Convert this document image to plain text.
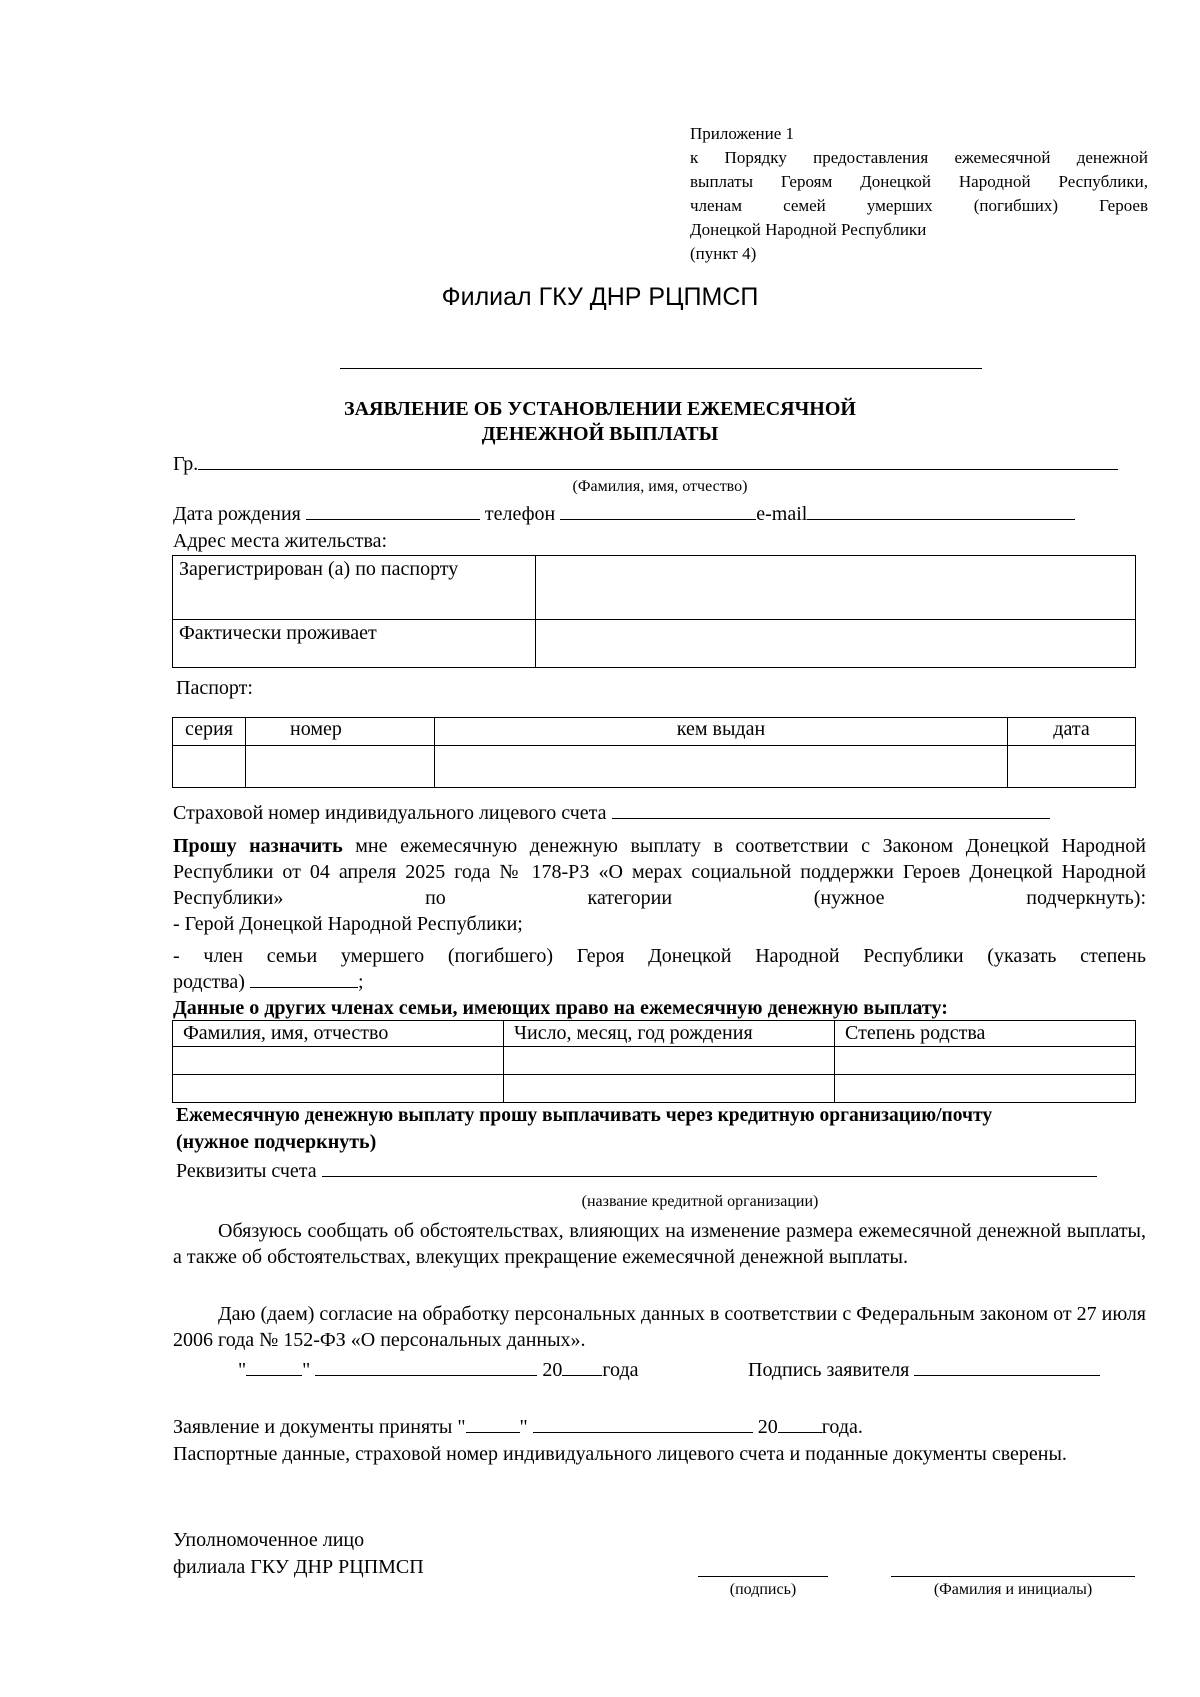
Приложение 1
к Порядку предоставления ежемесячной денежной
выплаты Героям Донецкой Народной Республики,
членам семей умерших (погибших) Героев
Донецкой Народной Республики
(пункт 4)
Филиал ГКУ ДНР РЦПМСП
ЗАЯВЛЕНИЕ ОБ УСТАНОВЛЕНИИ ЕЖЕМЕСЯЧНОЙ
ДЕНЕЖНОЙ ВЫПЛАТЫ
Гр.
(Фамилия, имя, отчество)
Дата рождения	телефон	e-mail
Адрес места жительства:
Зарегистрирован (а) по паспорту	
Фактически проживает	
Паспорт:
серия	номер	кем выдан	дата

Страховой номер индивидуального лицевого счета
Прошу назначить мне ежемесячную денежную выплату в соответствии с Законом Донецкой Народной Республики от 04 апреля 2025 года № 178-РЗ «О мерах социальной поддержки Героев Донецкой Народной Республики» по категории (нужное подчеркнуть):
- Герой Донецкой Народной Республики;
- член семьи умершего (погибшего) Героя Донецкой Народной Республики (указать степень
родства)	;
Данные о других членах семьи, имеющих право на ежемесячную денежную выплату:
Фамилия, имя, отчество	Число, месяц, год рождения	Степень родства

Ежемесячную денежную выплату прошу выплачивать через кредитную организацию/почту
(нужное подчеркнуть)
Реквизиты счета
(название кредитной организации)
Обязуюсь сообщать об обстоятельствах, влияющих на изменение размера ежемесячной денежной выплаты, а также об обстоятельствах, влекущих прекращение ежемесячной денежной выплаты.
Даю (даем) согласие на обработку персональных данных в соответствии с Федеральным законом от 27 июля 2006 года № 152-ФЗ «О персональных данных».
"	"	20 года	Подпись заявителя
Заявление и документы приняты "	"	20 года.
Паспортные данные, страховой номер индивидуального лицевого счета и поданные документы сверены.
Уполномоченное лицо
филиала ГКУ ДНР РЦПМСП
(подпись)	(Фамилия и инициалы)
